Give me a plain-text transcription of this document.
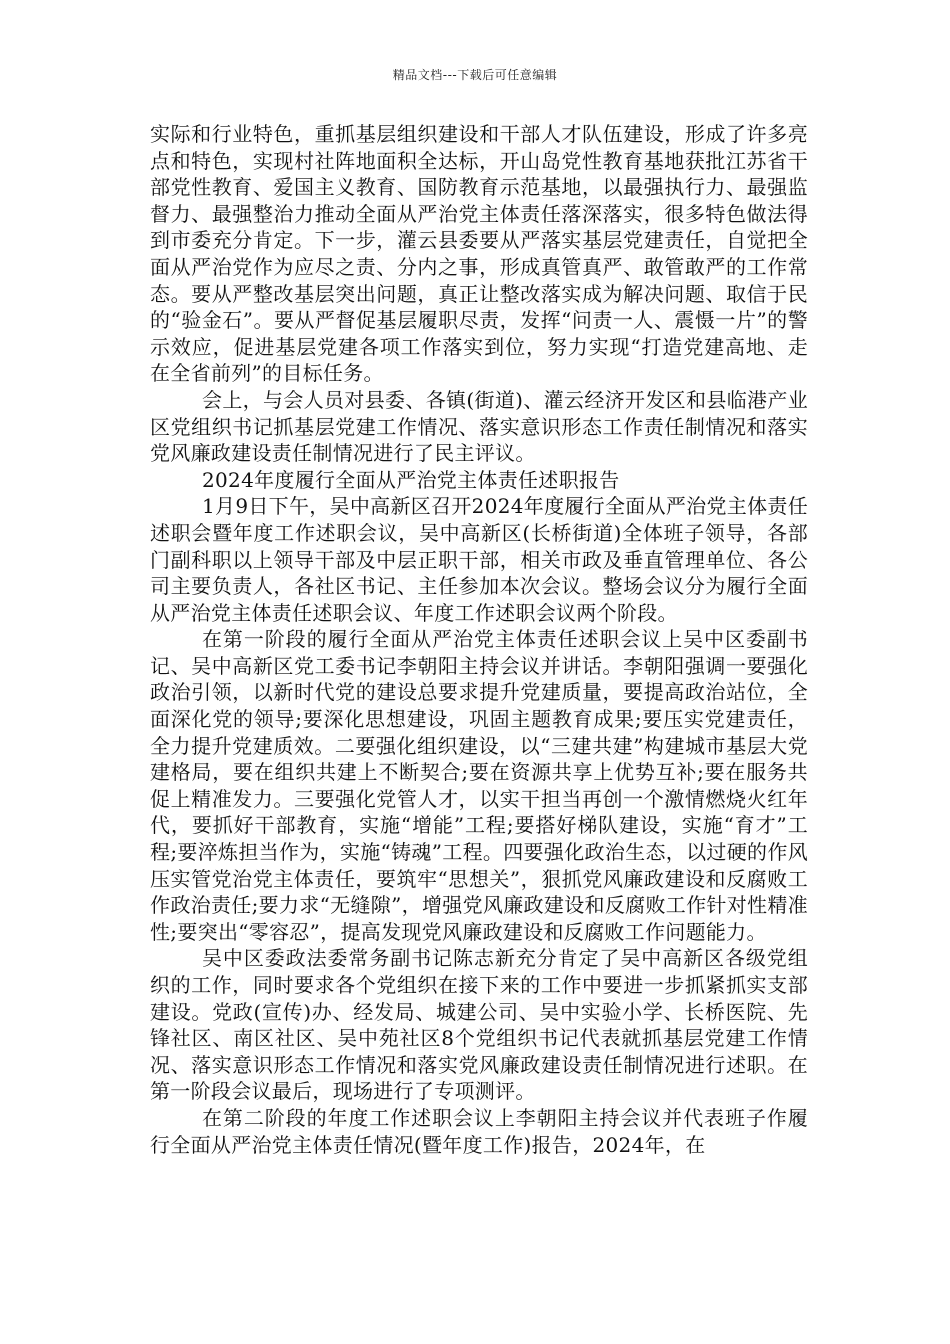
精品文档---下载后可任意编辑

实际和行业特色，重抓基层组织建设和干部人才队伍建设，形成了许多亮点和特色，实现村社阵地面积全达标，开山岛党性教育基地获批江苏省干部党性教育、爱国主义教育、国防教育示范基地，以最强执行力、最强监督力、最强整治力推动全面从严治党主体责任落深落实，很多特色做法得到市委充分肯定。下一步，灌云县委要从严落实基层党建责任，自觉把全面从严治党作为应尽之责、分内之事，形成真管真严、敢管敢严的工作常态。要从严整改基层突出问题，真正让整改落实成为解决问题、取信于民的“验金石”。要从严督促基层履职尽责，发挥“问责一人、震慑一片”的警示效应，促进基层党建各项工作落实到位，努力实现“打造党建高地、走在全省前列”的目标任务。

会上，与会人员对县委、各镇(街道)、灌云经济开发区和县临港产业区党组织书记抓基层党建工作情况、落实意识形态工作责任制情况和落实党风廉政建设责任制情况进行了民主评议。

2024年度履行全面从严治党主体责任述职报告

1月9日下午，吴中高新区召开2024年度履行全面从严治党主体责任述职会暨年度工作述职会议，吴中高新区(长桥街道)全体班子领导，各部门副科职以上领导干部及中层正职干部，相关市政及垂直管理单位、各公司主要负责人，各社区书记、主任参加本次会议。整场会议分为履行全面从严治党主体责任述职会议、年度工作述职会议两个阶段。

在第一阶段的履行全面从严治党主体责任述职会议上吴中区委副书记、吴中高新区党工委书记李朝阳主持会议并讲话。李朝阳强调一要强化政治引领，以新时代党的建设总要求提升党建质量，要提高政治站位，全面深化党的领导;要深化思想建设，巩固主题教育成果;要压实党建责任，全力提升党建质效。二要强化组织建设，以“三建共建”构建城市基层大党建格局，要在组织共建上不断契合;要在资源共享上优势互补;要在服务共促上精准发力。三要强化党管人才，以实干担当再创一个激情燃烧火红年代，要抓好干部教育，实施“增能”工程;要搭好梯队建设，实施“育才”工程;要淬炼担当作为，实施“铸魂”工程。四要强化政治生态，以过硬的作风压实管党治党主体责任，要筑牢“思想关”，狠抓党风廉政建设和反腐败工作政治责任;要力求“无缝隙”，增强党风廉政建设和反腐败工作针对性精准性;要突出“零容忍”，提高发现党风廉政建设和反腐败工作问题能力。

吴中区委政法委常务副书记陈志新充分肯定了吴中高新区各级党组织的工作，同时要求各个党组织在接下来的工作中要进一步抓紧抓实支部建设。党政(宣传)办、经发局、城建公司、吴中实验小学、长桥医院、先锋社区、南区社区、吴中苑社区8个党组织书记代表就抓基层党建工作情况、落实意识形态工作情况和落实党风廉政建设责任制情况进行述职。在第一阶段会议最后，现场进行了专项测评。

在第二阶段的年度工作述职会议上李朝阳主持会议并代表班子作履行全面从严治党主体责任情况(暨年度工作)报告，2024年，在
